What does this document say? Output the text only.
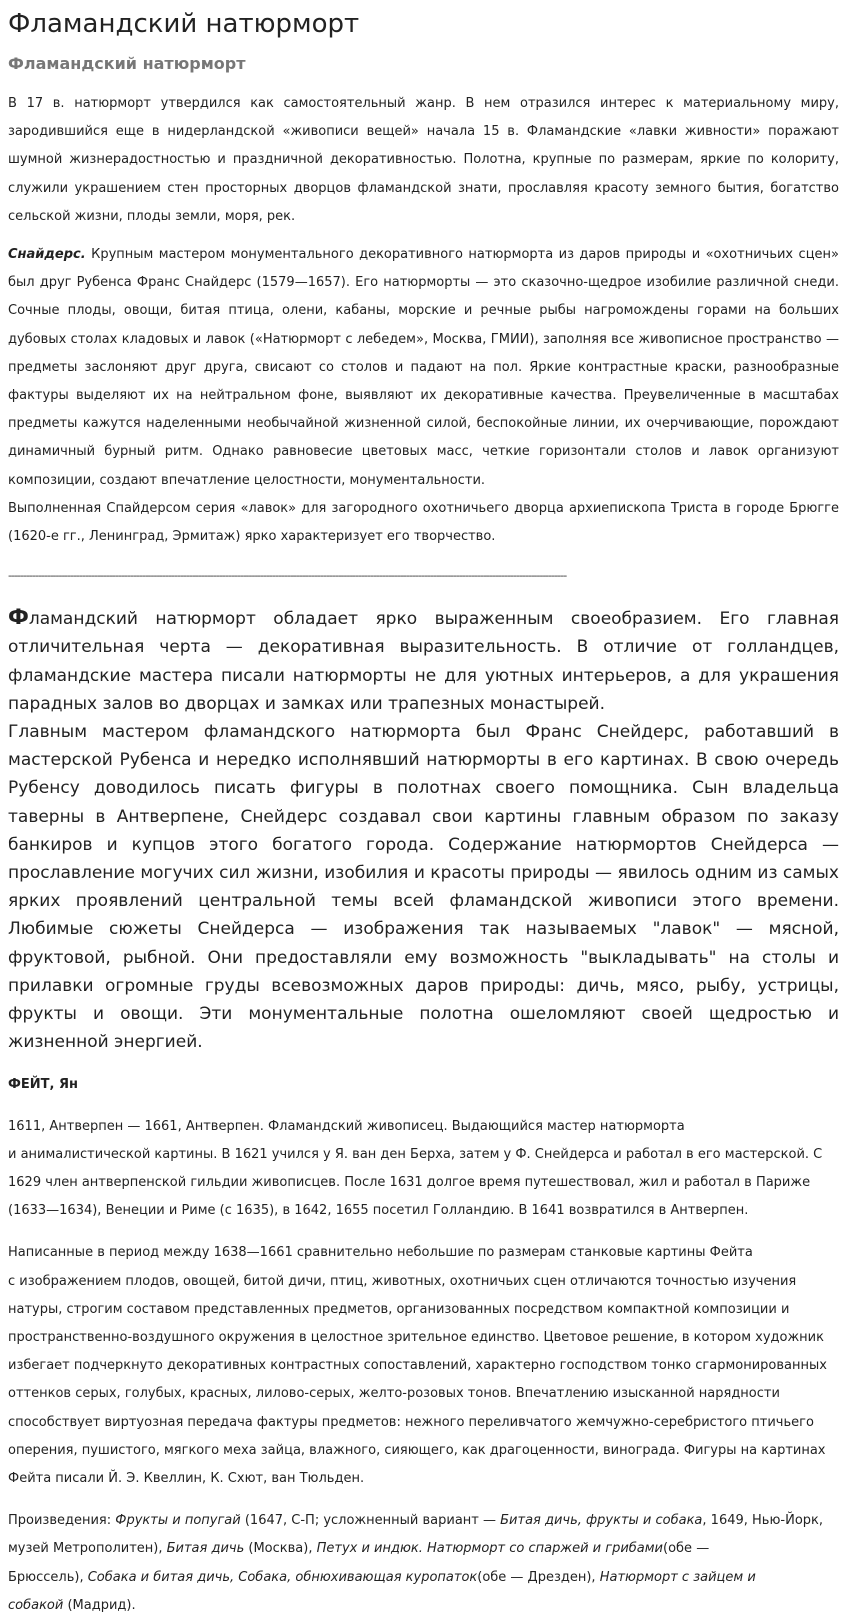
Фламандский натюрморт
Фламандский натюрморт

В 17 в. натюрморт утвердился как самостоятельный жанр. В нем отразился интерес к материальному миру, зародившийся еще в нидерландской «живописи вещей» начала 15 в. Фламандские «лавки живности» поражают шумной жизнерадостностью и праздничной декоративностью. Полотна, крупные по размерам, яркие по колориту, служили украшением стен просторных дворцов фламандской знати, прославляя красоту земного бытия, богатство сельской жизни, плоды земли, моря, рек.

Снайдерс. Крупным мастером монументального декоративного натюрморта из даров природы и «охотничьих сцен» был друг Рубенса Франс Снайдерс (1579—1657). Его натюрморты — это сказочно-щедрое изобилие различной снеди. Сочные плоды, овощи, битая птица, олени, кабаны, морские и речные рыбы нагромождены горами на больших дубовых столах кладовых и лавок («Натюрморт с лебедем», Москва, ГМИИ), заполняя все живописное пространство — предметы заслоняют друг друга, свисают со столов и падают на пол. Яркие контрастные краски, разнообразные фактуры выделяют их на нейтральном фоне, выявляют их декоративные качества. Преувеличенные в масштабах предметы кажутся наделенными необычайной жизненной силой, беспокойные линии, их очерчивающие, порождают динамичный бурный ритм. Однако равновесие цветовых масс, четкие горизонтали столов и лавок организуют композиции, создают впечатление целостности, монументальности.

Выполненная Спайдерсом серия «лавок» для загородного охотничьего дворца архиепископа Триста в городе Брюгге (1620-е гг., Ленинград, Эрмитаж) ярко характеризует его творчество.

--------------------------------------------------------------------------------------------------------------------------------------------------------------------------------------------

Фламандский натюрморт обладает ярко выраженным своеобразием. Его главная отличительная черта — декоративная выразительность. В отличие от голландцев, фламандские мастера писали натюрморты не для уютных интерьеров, а для украшения парадных залов во дворцах и замках или трапезных монастырей.

Главным мастером фламандского натюрморта был Франс Снейдерс, работавший в мастерской Рубенса и нередко исполнявший натюрморты в его картинах. В свою очередь Рубенсу доводилось писать фигуры в полотнах своего помощника. Сын владельца таверны в Антверпене, Снейдерс создавал свои картины главным образом по заказу банкиров и купцов этого богатого города. Содержание натюрмортов Снейдерса — прославление могучих сил жизни, изобилия и красоты природы — явилось одним из самых ярких проявлений центральной темы всей фламандской живописи этого времени. Любимые сюжеты Снейдерса — изображения так называемых "лавок" — мясной, фруктовой, рыбной. Они предоставляли ему возможность "выкладывать" на столы и прилавки огромные груды всевозможных даров природы: дичь, мясо, рыбу, устрицы, фрукты и овощи. Эти монументальные полотна ошеломляют своей щедростью и жизненной энергией.

ФЕЙТ, Ян

1611, Антверпен — 1661, Антверпен. Фламандский живописец. Выдающийся мастер натюрморта
и анималистической картины. В 1621 учился у Я. ван ден Берха, затем у Ф. Снейдерса и работал в его мастерской. С
1629 член антверпенской гильдии живописцев. После 1631 долгое время путешествовал, жил и работал в Париже
(1633—1634), Венеции и Риме (с 1635), в 1642, 1655 посетил Голландию. В 1641 возвратился в Антверпен.

Написанные в период между 1638—1661 сравнительно небольшие по размерам станковые картины Фейта
с изображением плодов, овощей, битой дичи, птиц, животных, охотничьих сцен отличаются точностью изучения
натуры, строгим составом представленных предметов, организованных посредством компактной композиции и
пространственно-воздушного окружения в целостное зрительное единство. Цветовое решение, в котором художник
избегает подчеркнуто декоративных контрастных сопоставлений, характерно господством тонко сгармонированных
оттенков серых, голубых, красных, лилово-серых, желто-розовых тонов. Впечатлению изысканной нарядности
способствует виртуозная передача фактуры предметов: нежного переливчатого жемчужно-серебристого птичьего
оперения, пушистого, мягкого меха зайца, влажного, сияющего, как драгоценности, винограда. Фигуры на картинах
Фейта писали Й. Э. Квеллин, К. Схют, ван Тюльден.

Произведения: Фрукты и попугай (1647, С-П; усложненный вариант — Битая дичь, фрукты и собака, 1649, Нью-Йорк,
музей Метрополитен), Битая дичь (Москва), Петух и индюк. Натюрморт со спаржей и грибами(обе —
Брюссель), Собака и битая дичь, Собака, обнюхивающая куропаток(обе — Дрезден), Натюрморт с зайцем и
собакой (Мадрид).
